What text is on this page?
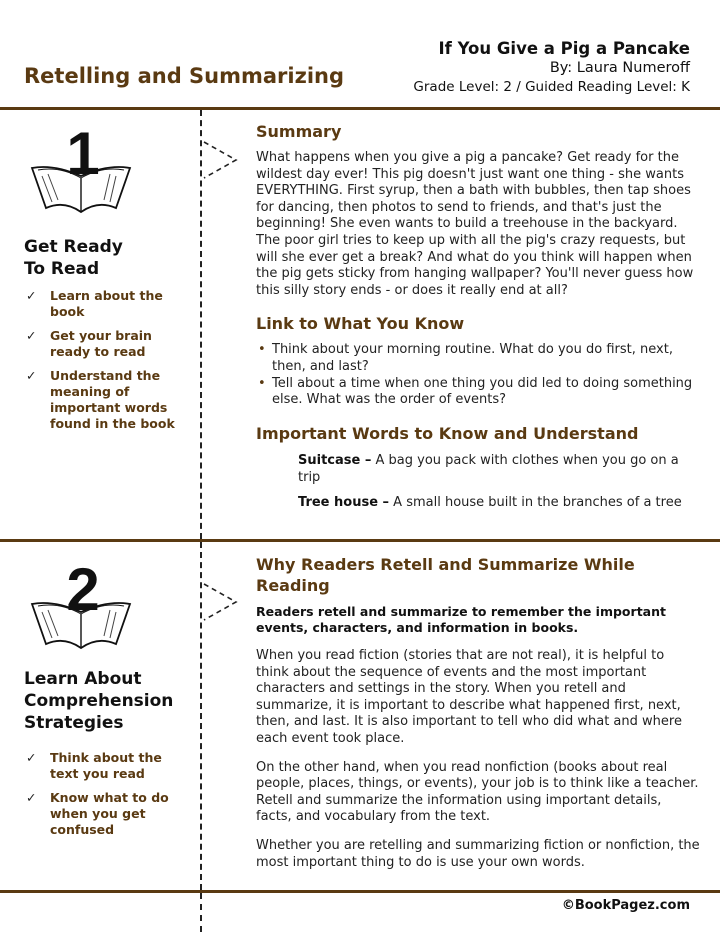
Retelling and Summarizing
If You Give a Pig a Pancake
By: Laura Numeroff
Grade Level: 2 / Guided Reading Level: K
1
Get Ready
To Read
✓ Learn about the book
✓ Get your brain ready to read
✓ Understand the meaning of important words found in the book
Summary

What happens when you give a pig a pancake? Get ready for the wildest day ever! This pig doesn't just want one thing - she wants EVERYTHING. First syrup, then a bath with bubbles, then tap shoes for dancing, then photos to send to friends, and that's just the beginning! She even wants to build a treehouse in the backyard. The poor girl tries to keep up with all the pig's crazy requests, but will she ever get a break? And what do you think will happen when the pig gets sticky from hanging wallpaper? You'll never guess how this silly story ends - or does it really end at all?

Link to What You Know
• Think about your morning routine. What do you do first, next, then, and last?
• Tell about a time when one thing you did led to doing something else. What was the order of events?
Important Words to Know and Understand

Suitcase – A bag you pack with clothes when you go on a trip

Tree house – A small house built in the branches of a tree

2
Learn About
Comprehension
Strategies
✓ Think about the text you read
✓ Know what to do when you get confused
Why Readers Retell and Summarize While Reading

Readers retell and summarize to remember the important events, characters, and information in books.

When you read fiction (stories that are not real), it is helpful to think about the sequence of events and the most important characters and settings in the story. When you retell and summarize, it is important to describe what happened first, next, then, and last. It is also important to tell who did what and where each event took place.

On the other hand, when you read nonfiction (books about real people, places, things, or events), your job is to think like a teacher. Retell and summarize the information using important details, facts, and vocabulary from the text.

Whether you are retelling and summarizing fiction or nonfiction, the most important thing to do is use your own words.

©BookPagez.com
